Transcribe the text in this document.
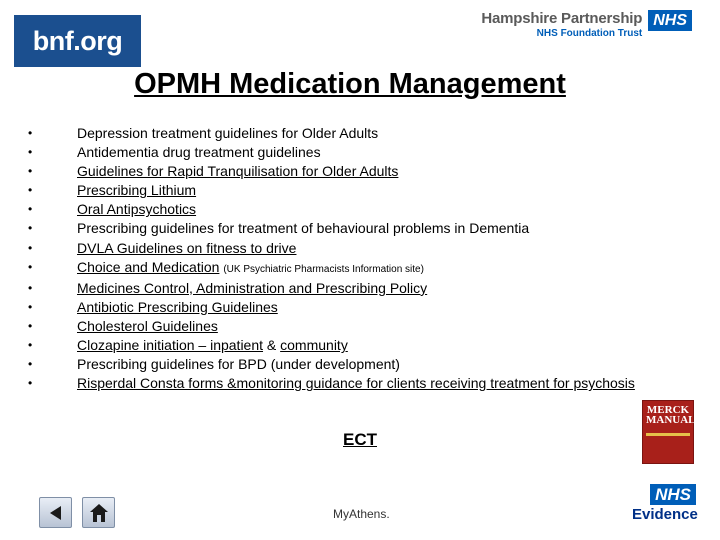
bnf.org
Hampshire Partnership
NHS Foundation Trust
NHS
OPMH Medication Management
•	Depression treatment guidelines for Older Adults
•	Antidementia drug treatment guidelines
•	Guidelines for Rapid Tranquilisation for Older Adults
•	Prescribing Lithium
•	Oral Antipsychotics
•	Prescribing guidelines for treatment of behavioural problems in Dementia
•	DVLA Guidelines on fitness to drive
•	Choice and Medication (UK Psychiatric Pharmacists Information site)
•	Medicines Control, Administration and Prescribing Policy
•	Antibiotic Prescribing Guidelines
•	Cholesterol Guidelines
•	Clozapine initiation – inpatient & community
•	Prescribing guidelines for BPD (under development)
•	Risperdal Consta forms &monitoring guidance for clients receiving treatment for psychosis
ECT
MERCK MANUAL
MyAthens.
NHS
Evidence
